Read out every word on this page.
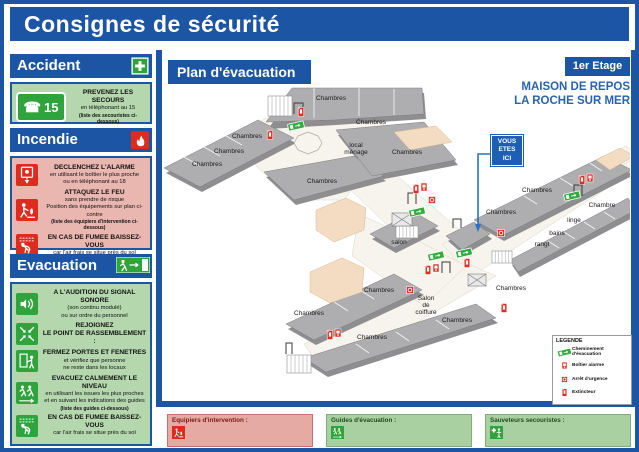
Consignes de sécurité
Accident
☎ 15
PREVENEZ LES SECOURS
en téléphonant au 15
(liste des secouristes ci-dessous)
Incendie
DECLENCHEZ L'ALARME
en utilisant le boîtier le plus proche
ou en téléphonant au 18
ATTAQUEZ LE FEU
sans prendre de risque
Position des équipements sur plan ci-contre
(liste des équipiers d'intervention ci-dessous)
EN CAS DE FUMEE BAISSEZ-VOUS
Evacuation
A L'AUDITION DU SIGNAL SONORE
(son continu modulé)
ou sur ordre du personnel
REJOIGNEZ
LE POINT DE RASSEMBLEMENT :
FERMEZ PORTES ET FENETRES
et vérifiez que personne
ne reste dans les locaux
EVACUEZ CALMEMENT LE NIVEAU
en utilisant les issues les plus proches
et en suivant les indications des guides
(liste des guides ci-dessous)
EN CAS DE FUMEE BAISSEZ-VOUS
car l'air frais se situe près du sol
Chambres
Chambres
Chambres
Chambres
Chambres
local ménage	Chambres
Chambres
salon
Chambres
Chambres
Chambre
linge
bains
rangt
Chambres
Chambres
Salon de coiffure
Chambres
Chambres
Chambres
Plan d'évacuation	1er Etage
MAISON DE REPOS
LA ROCHE SUR MER
VOUS
ETES
ICI
LEGENDE
Cheminement d'évacuation
Boîtier alarme
Arrêt d'urgence
Extincteur
Equipiers d'intervention :	Guides d'évacuation :	Sauveteurs secouristes :
